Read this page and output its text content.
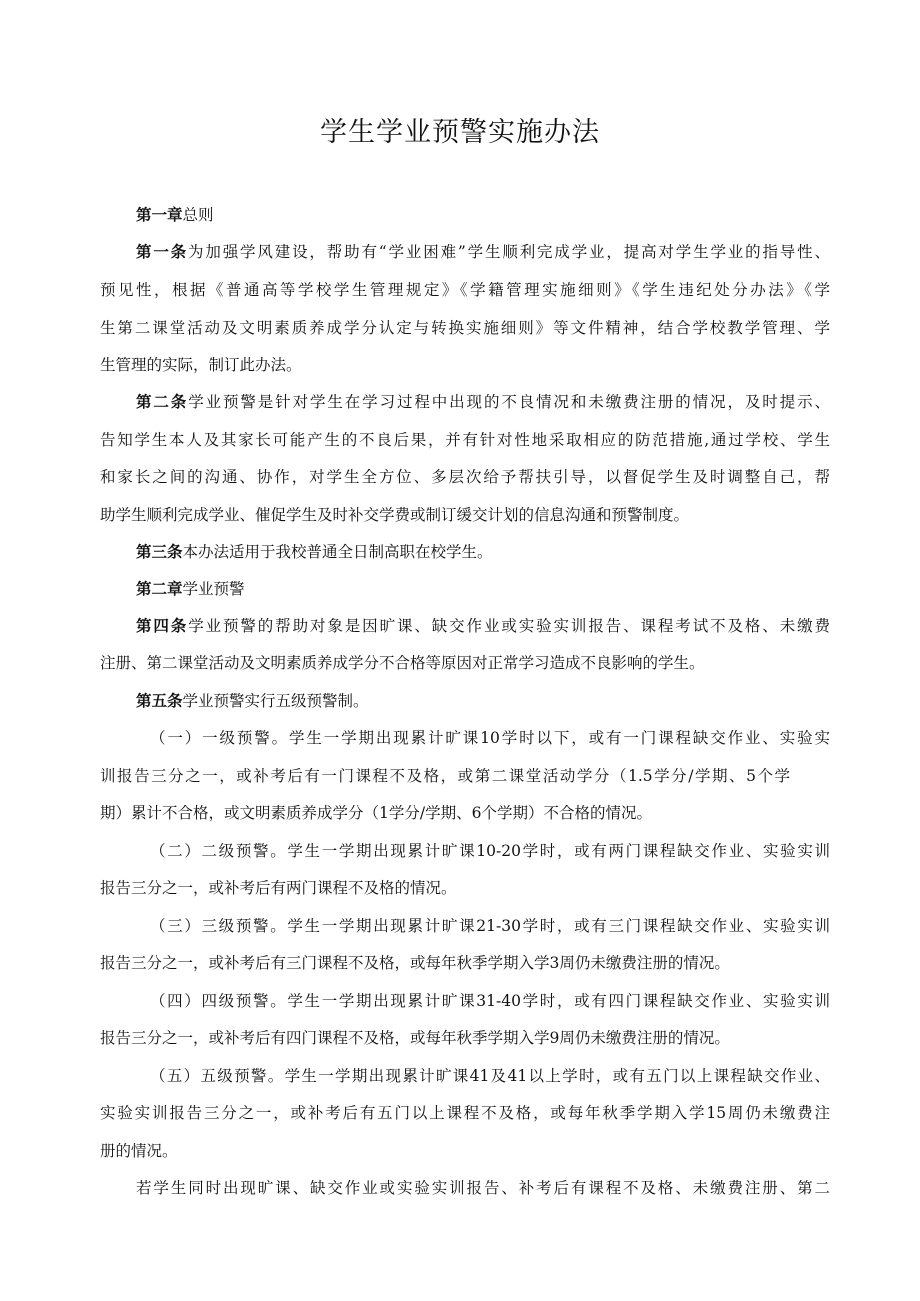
学生学业预警实施办法
第一章总则
第一条为加强学风建设，帮助有“学业困难”学生顺利完成学业，提高对学生学业的指导性、
预见性，根据《普通高等学校学生管理规定》《学籍管理实施细则》《学生违纪处分办法》《学
生第二课堂活动及文明素质养成学分认定与转换实施细则》等文件精神，结合学校教学管理、学
生管理的实际，制订此办法。
第二条学业预警是针对学生在学习过程中出现的不良情况和未缴费注册的情况，及时提示、
告知学生本人及其家长可能产生的不良后果，并有针对性地采取相应的防范措施,通过学校、学生
和家长之间的沟通、协作，对学生全方位、多层次给予帮扶引导，以督促学生及时调整自己，帮
助学生顺利完成学业、催促学生及时补交学费或制订缓交计划的信息沟通和预警制度。
第三条本办法适用于我校普通全日制高职在校学生。
第二章学业预警
第四条学业预警的帮助对象是因旷课、缺交作业或实验实训报告、课程考试不及格、未缴费
注册、第二课堂活动及文明素质养成学分不合格等原因对正常学习造成不良影响的学生。
第五条学业预警实行五级预警制。
（一）一级预警。学生一学期出现累计旷课10学时以下，或有一门课程缺交作业、实验实
训报告三分之一，或补考后有一门课程不及格，或第二课堂活动学分（1.5学分/学期、5个学
期）累计不合格，或文明素质养成学分（1学分/学期、6个学期）不合格的情况。
（二）二级预警。学生一学期出现累计旷课10-20学时，或有两门课程缺交作业、实验实训
报告三分之一，或补考后有两门课程不及格的情况。
（三）三级预警。学生一学期出现累计旷课21-30学时，或有三门课程缺交作业、实验实训
报告三分之一，或补考后有三门课程不及格，或每年秋季学期入学3周仍未缴费注册的情况。
（四）四级预警。学生一学期出现累计旷课31-40学时，或有四门课程缺交作业、实验实训
报告三分之一，或补考后有四门课程不及格，或每年秋季学期入学9周仍未缴费注册的情况。
（五）五级预警。学生一学期出现累计旷课41及41以上学时，或有五门以上课程缺交作业、
实验实训报告三分之一，或补考后有五门以上课程不及格，或每年秋季学期入学15周仍未缴费注
册的情况。
若学生同时出现旷课、缺交作业或实验实训报告、补考后有课程不及格、未缴费注册、第二
